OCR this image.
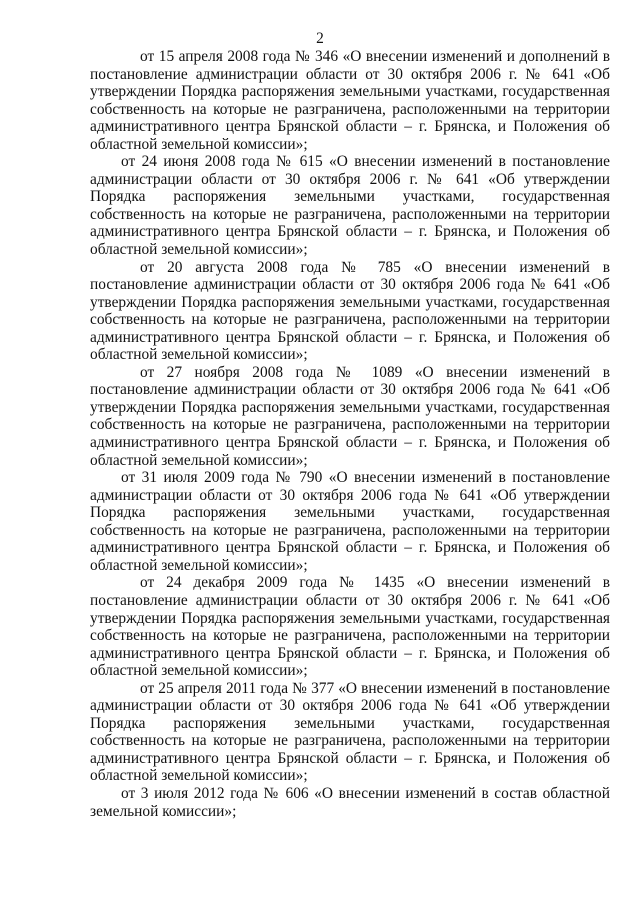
2

от 15 апреля 2008 года № 346 «О внесении изменений и дополнений в постановление администрации области от 30 октября 2006 г. № 641 «Об утверждении Порядка распоряжения земельными участками, государственная собственность на которые не разграничена, расположенными на территории административного центра Брянской области – г. Брянска, и Положения об областной земельной комиссии»;

от 24 июня 2008 года № 615 «О внесении изменений в постановление администрации области от 30 октября 2006 г. № 641 «Об утверждении Порядка распоряжения земельными участками, государственная собственность на которые не разграничена, расположенными на территории административного центра Брянской области – г. Брянска, и Положения об областной земельной комиссии»;

от 20 августа 2008 года № 785 «О внесении изменений в постановление администрации области от 30 октября 2006 года № 641 «Об утверждении Порядка распоряжения земельными участками, государственная собственность на которые не разграничена, расположенными на территории административного центра Брянской области – г. Брянска, и Положения об областной земельной комиссии»;

от 27 ноября 2008 года № 1089 «О внесении изменений в постановление администрации области от 30 октября 2006 года № 641 «Об утверждении Порядка распоряжения земельными участками, государственная собственность на которые не разграничена, расположенными на территории административного центра Брянской области – г. Брянска, и Положения об областной земельной комиссии»;

от 31 июля 2009 года № 790 «О внесении изменений в постановление администрации области от 30 октября 2006 года № 641 «Об утверждении Порядка распоряжения земельными участками, государственная собственность на которые не разграничена, расположенными на территории административного центра Брянской области – г. Брянска, и Положения об областной земельной комиссии»;

от 24 декабря 2009 года № 1435 «О внесении изменений в постановление администрации области от 30 октября 2006 г. № 641 «Об утверждении Порядка распоряжения земельными участками, государственная собственность на которые не разграничена, расположенными на территории административного центра Брянской области – г. Брянска, и Положения об областной земельной комиссии»;

от 25 апреля 2011 года № 377 «О внесении изменений в постановление администрации области от 30 октября 2006 года № 641 «Об утверждении Порядка распоряжения земельными участками, государственная собственность на которые не разграничена, расположенными на территории административного центра Брянской области – г. Брянска, и Положения об областной земельной комиссии»;

от 3 июля 2012 года № 606 «О внесении изменений в состав областной земельной комиссии»;
